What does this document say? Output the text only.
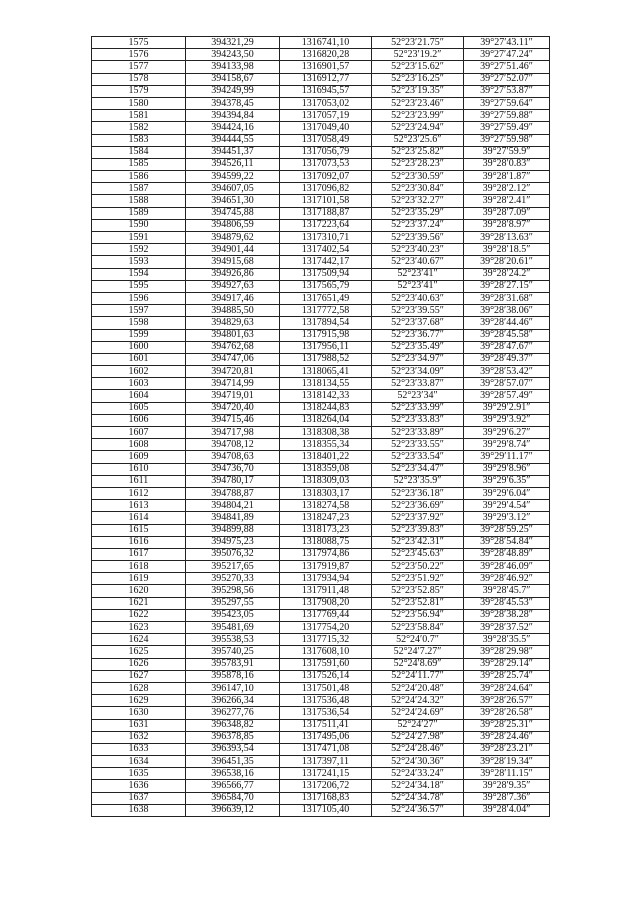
1575	394321,29	1316741,10	52°23′21.75″	39°27′43.11″
1576	394243,50	1316820,28	52°23′19.2″	39°27′47.24″
1577	394133,98	1316901,57	52°23′15.62″	39°27′51.46″
1578	394158,67	1316912,77	52°23′16.25″	39°27′52.07″
1579	394249,99	1316945,57	52°23′19.35″	39°27′53.87″
1580	394378,45	1317053,02	52°23′23.46″	39°27′59.64″
1581	394394,84	1317057,19	52°23′23.99″	39°27′59.88″
1582	394424,16	1317049,40	52°23′24.94″	39°27′59.49″
1583	394444,55	1317058,49	52°23′25.6″	39°27′59.98″
1584	394451,37	1317056,79	52°23′25.82″	39°27′59.9″
1585	394526,11	1317073,53	52°23′28.23″	39°28′0.83″
1586	394599,22	1317092,07	52°23′30.59″	39°28′1.87″
1587	394607,05	1317096,82	52°23′30.84″	39°28′2.12″
1588	394651,30	1317101,58	52°23′32.27″	39°28′2.41″
1589	394745,88	1317188,87	52°23′35.29″	39°28′7.09″
1590	394806,59	1317223,64	52°23′37.24″	39°28′8.97″
1591	394879,62	1317310,71	52°23′39.56″	39°28′13.63″
1592	394901,44	1317402,54	52°23′40.23″	39°28′18.5″
1593	394915,68	1317442,17	52°23′40.67″	39°28′20.61″
1594	394926,86	1317509,94	52°23′41″	39°28′24.2″
1595	394927,63	1317565,79	52°23′41″	39°28′27.15″
1596	394917,46	1317651,49	52°23′40.63″	39°28′31.68″
1597	394885,50	1317772,58	52°23′39.55″	39°28′38.06″
1598	394829,63	1317894,54	52°23′37.68″	39°28′44.46″
1599	394801,63	1317915,98	52°23′36.77″	39°28′45.58″
1600	394762,68	1317956,11	52°23′35.49″	39°28′47.67″
1601	394747,06	1317988,52	52°23′34.97″	39°28′49.37″
1602	394720,81	1318065,41	52°23′34.09″	39°28′53.42″
1603	394714,99	1318134,55	52°23′33.87″	39°28′57.07″
1604	394719,01	1318142,33	52°23′34″	39°28′57.49″
1605	394720,40	1318244,83	52°23′33.99″	39°29′2.91″
1606	394715,46	1318264,04	52°23′33.83″	39°29′3.92″
1607	394717,98	1318308,38	52°23′33.89″	39°29′6.27″
1608	394708,12	1318355,34	52°23′33.55″	39°29′8.74″
1609	394708,63	1318401,22	52°23′33.54″	39°29′11.17″
1610	394736,70	1318359,08	52°23′34.47″	39°29′8.96″
1611	394780,17	1318309,03	52°23′35.9″	39°29′6.35″
1612	394788,87	1318303,17	52°23′36.18″	39°29′6.04″
1613	394804,21	1318274,58	52°23′36.69″	39°29′4.54″
1614	394841,89	1318247,23	52°23′37.92″	39°29′3.12″
1615	394899,88	1318173,23	52°23′39.83″	39°28′59.25″
1616	394975,23	1318088,75	52°23′42.31″	39°28′54.84″
1617	395076,32	1317974,86	52°23′45.63″	39°28′48.89″
1618	395217,65	1317919,87	52°23′50.22″	39°28′46.09″
1619	395270,33	1317934,94	52°23′51.92″	39°28′46.92″
1620	395298,56	1317911,48	52°23′52.85″	39°28′45.7″
1621	395297,55	1317908,20	52°23′52.81″	39°28′45.53″
1622	395423,05	1317769,44	52°23′56.94″	39°28′38.28″
1623	395481,69	1317754,20	52°23′58.84″	39°28′37.52″
1624	395538,53	1317715,32	52°24′0.7″	39°28′35.5″
1625	395740,25	1317608,10	52°24′7.27″	39°28′29.98″
1626	395783,91	1317591,60	52°24′8.69″	39°28′29.14″
1627	395878,16	1317526,14	52°24′11.77″	39°28′25.74″
1628	396147,10	1317501,48	52°24′20.48″	39°28′24.64″
1629	396266,34	1317536,48	52°24′24.32″	39°28′26.57″
1630	396277,76	1317536,54	52°24′24.69″	39°28′26.58″
1631	396348,82	1317511,41	52°24′27″	39°28′25.31″
1632	396378,85	1317495,06	52°24′27.98″	39°28′24.46″
1633	396393,54	1317471,08	52°24′28.46″	39°28′23.21″
1634	396451,35	1317397,11	52°24′30.36″	39°28′19.34″
1635	396538,16	1317241,15	52°24′33.24″	39°28′11.15″
1636	396566,77	1317206,72	52°24′34.18″	39°28′9.35″
1637	396584,70	1317168,83	52°24′34.78″	39°28′7.36″
1638	396639,12	1317105,40	52°24′36.57″	39°28′4.04″
